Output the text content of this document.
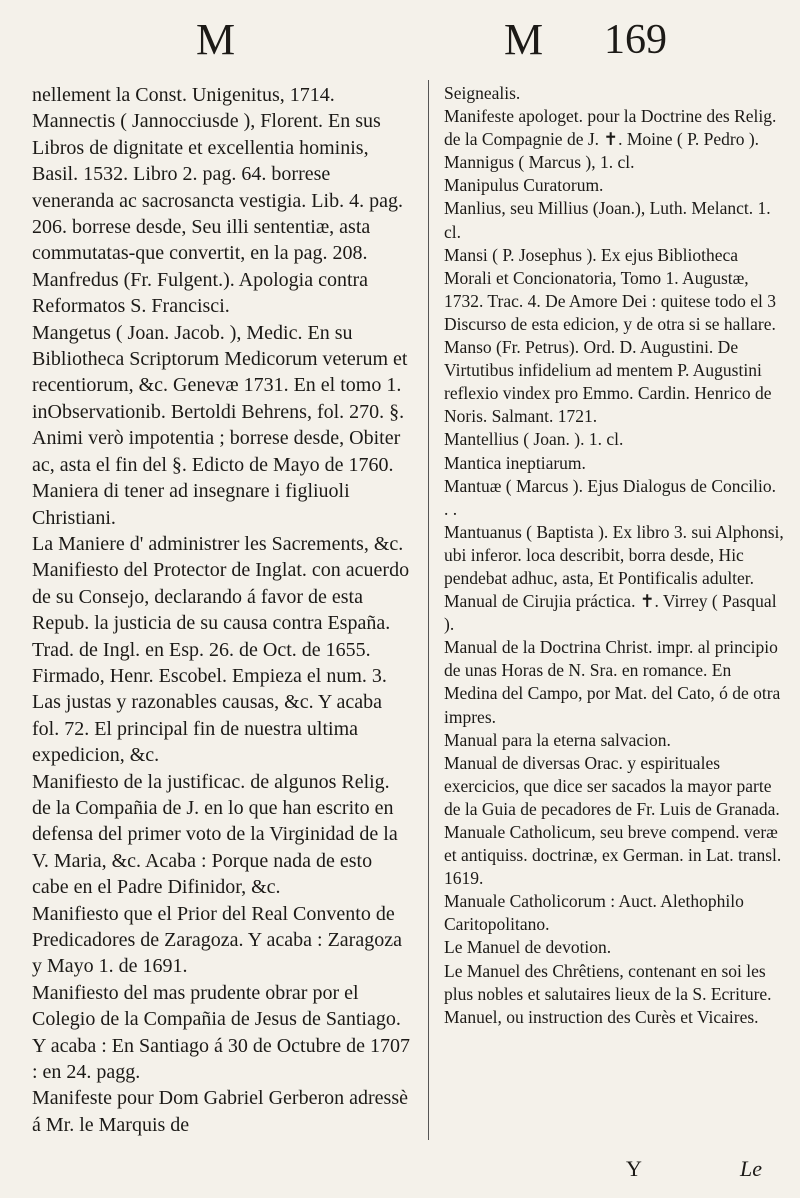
M	M 169

nellement la Const. Unigenitus, 1714.

Mannectis ( Jannocciusde ), Florent. En sus Libros de dignitate et excellentia hominis, Basil. 1532. Libro 2. pag. 64. borrese veneranda ac sacrosancta vestigia. Lib. 4. pag. 206. borrese desde, Seu illi sententiæ, asta commutatas-que convertit, en la pag. 208.

Manfredus (Fr. Fulgent.). Apologia contra Reformatos S. Francisci.

Mangetus ( Joan. Jacob. ), Medic. En su Bibliotheca Scriptorum Medicorum veterum et recentiorum, &c. Genevæ 1731. En el tomo 1. inObservationib. Bertoldi Behrens, fol. 270. §. Animi verò impotentia ; borrese desde, Obiter ac, asta el fin del §. Edicto de Mayo de 1760.

Maniera di tener ad insegnare i figliuoli Christiani.

La Maniere d' administrer les Sacrements, &c.

Manifiesto del Protector de Inglat. con acuerdo de su Consejo, declarando á favor de esta Repub. la justicia de su causa contra España. Trad. de Ingl. en Esp. 26. de Oct. de 1655. Firmado, Henr. Escobel. Empieza el num. 3. Las justas y razonables causas, &c. Y acaba fol. 72. El principal fin de nuestra ultima expedicion, &c.

Manifiesto de la justificac. de algunos Relig. de la Compañia de J. en lo que han escrito en defensa del primer voto de la Virginidad de la V. Maria, &c. Acaba : Porque nada de esto cabe en el Padre Difinidor, &c.

Manifiesto que el Prior del Real Convento de Predicadores de Zaragoza. Y acaba : Zaragoza y Mayo 1. de 1691.

Manifiesto del mas prudente obrar por el Colegio de la Compañia de Jesus de Santiago. Y acaba : En Santiago á 30 de Octubre de 1707 : en 24. pagg.

Manifeste pour Dom Gabriel Gerberon adressè á Mr. le Marquis de

Seignealis.

Manifeste apologet. pour la Doctrine des Relig. de la Compagnie de J. ✝. Moine ( P. Pedro ).

Mannigus ( Marcus ), 1. cl.

Manipulus Curatorum.

Manlius, seu Millius (Joan.), Luth. Melanct. 1. cl.

Mansi ( P. Josephus ). Ex ejus Bibliotheca Morali et Concionatoria, Tomo 1. Augustæ, 1732. Trac. 4. De Amore Dei : quitese todo el 3 Discurso de esta edicion, y de otra si se hallare.

Manso (Fr. Petrus). Ord. D. Augustini. De Virtutibus infidelium ad mentem P. Augustini reflexio vindex pro Emmo. Cardin. Henrico de Noris. Salmant. 1721.

Mantellius ( Joan. ). 1. cl.

Mantica ineptiarum.

Mantuæ ( Marcus ). Ejus Dialogus de Concilio. . .

Mantuanus ( Baptista ). Ex libro 3. sui Alphonsi, ubi inferor. loca describit, borra desde, Hic pendebat adhuc, asta, Et Pontificalis adulter.

Manual de Cirujia práctica. ✝. Virrey ( Pasqual ).

Manual de la Doctrina Christ. impr. al principio de unas Horas de N. Sra. en romance. En Medina del Campo, por Mat. del Cato, ó de otra impres.

Manual para la eterna salvacion.

Manual de diversas Orac. y espirituales exercicios, que dice ser sacados la mayor parte de la Guia de pecadores de Fr. Luis de Granada.

Manuale Catholicum, seu breve compend. veræ et antiquiss. doctrinæ, ex German. in Lat. transl. 1619.

Manuale Catholicorum : Auct. Alethophilo Caritopolitano.

Le Manuel de devotion.

Le Manuel des Chrêtiens, contenant en soi les plus nobles et salutaires lieux de la S. Ecriture.

Manuel, ou instruction des Curès et Vicaires.

Y	Le
